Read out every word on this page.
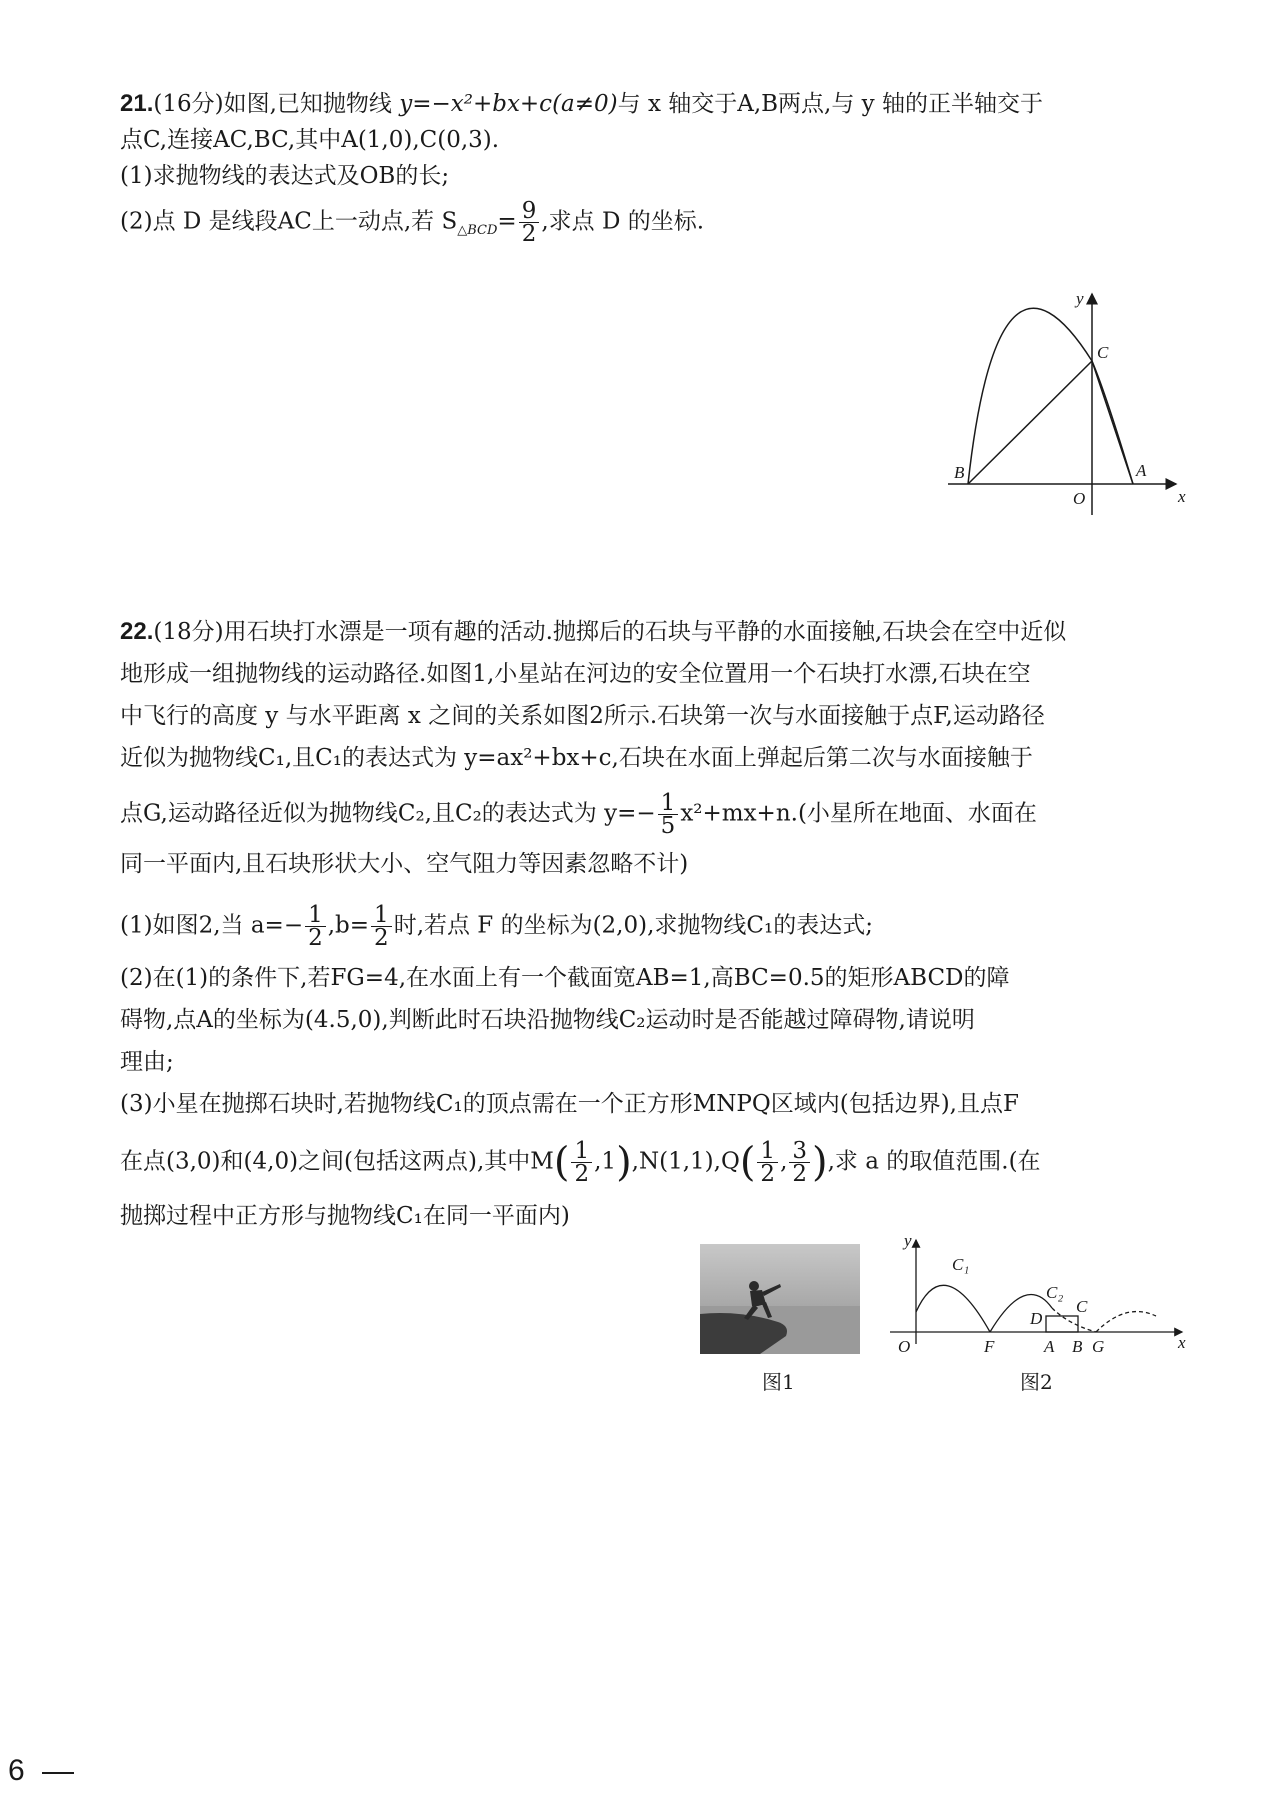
21.(16分)如图,已知抛物线 y=−x²+bx+c(a≠0)与 x 轴交于A,B两点,与 y 轴的正半轴交于
点C,连接AC,BC,其中A(1,0),C(0,3).
(1)求抛物线的表达式及OB的长;
(2)点 D 是线段AC上一动点,若 $S_{\triangle BCD}= \frac{9}{2}$ ,求点 D 的坐标.
y
x
O
B	A
C
22.(18分)用石块打水漂是一项有趣的活动.抛掷后的石块与平静的水面接触,石块会在空中近似
地形成一组抛物线的运动路径.如图1,小星站在河边的安全位置用一个石块打水漂,石块在空
中飞行的高度 y 与水平距离 x 之间的关系如图2所示.石块第一次与水面接触于点F,运动路径
近似为抛物线C₁,且C₁的表达式为 y=ax²+bx+c,石块在水面上弹起后第二次与水面接触于
点G,运动路径近似为抛物线C₂,且C₂的表达式为 $y=- \frac{1}{5} x^2+mx+n$.(小星所在地面、水面在
同一平面内,且石块形状大小、空气阻力等因素忽略不计)
(1)如图2,当 $a=- \frac{1}{2} ,b= \frac{1}{2}$ 时,若点 F 的坐标为(2,0),求抛物线C₁的表达式;
(2)在(1)的条件下,若FG=4,在水面上有一个截面宽AB=1,高BC=0.5的矩形ABCD的障
碍物,点A的坐标为(4.5,0),判断此时石块沿抛物线C₂运动时是否能越过障碍物,请说明
理由;
(3)小星在抛掷石块时,若抛物线C₁的顶点需在一个正方形MNPQ区域内(包括边界),且点F
在点(3,0)和(4,0)之间(包括这两点),其中$M( \frac{1}{2} ,1),N(1,1),Q( \frac{1}{2}$ , $\frac{3}{2}$ ),求 a 的取值范围.(在
抛掷过程中正方形与抛物线C₁在同一平面内)
图1
y
x
O	F	A B G
D
C
C₁
C₂
图2
6
